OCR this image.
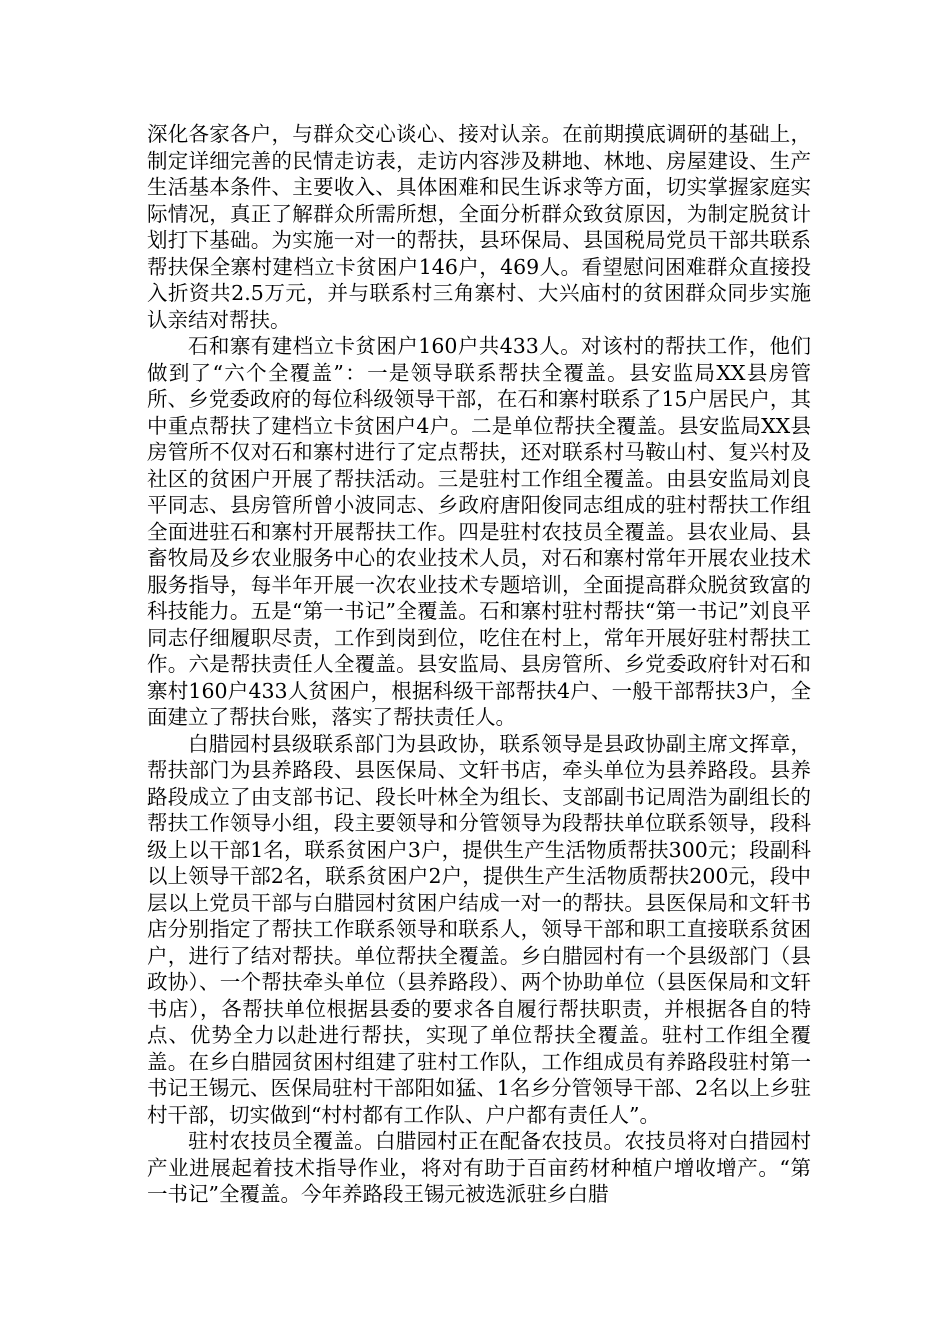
深化各家各户，与群众交心谈心、接对认亲。在前期摸底调研的基础上，制定详细完善的民情走访表，走访内容涉及耕地、林地、房屋建设、生产生活基本条件、主要收入、具体困难和民生诉求等方面，切实掌握家庭实际情况，真正了解群众所需所想，全面分析群众致贫原因，为制定脱贫计划打下基础。为实施一对一的帮扶，县环保局、县国税局党员干部共联系帮扶保全寨村建档立卡贫困户146户，469人。看望慰问困难群众直接投入折资共2.5万元，并与联系村三角寨村、大兴庙村的贫困群众同步实施认亲结对帮扶。

石和寨有建档立卡贫困户160户共433人。对该村的帮扶工作，他们做到了“六个全覆盖”：一是领导联系帮扶全覆盖。县安监局XX县房管所、乡党委政府的每位科级领导干部，在石和寨村联系了15户居民户，其中重点帮扶了建档立卡贫困户4户。二是单位帮扶全覆盖。县安监局XX县房管所不仅对石和寨村进行了定点帮扶，还对联系村马鞍山村、复兴村及社区的贫困户开展了帮扶活动。三是驻村工作组全覆盖。由县安监局刘良平同志、县房管所曾小波同志、乡政府唐阳俊同志组成的驻村帮扶工作组全面进驻石和寨村开展帮扶工作。四是驻村农技员全覆盖。县农业局、县畜牧局及乡农业服务中心的农业技术人员，对石和寨村常年开展农业技术服务指导，每半年开展一次农业技术专题培训，全面提高群众脱贫致富的科技能力。五是“第一书记”全覆盖。石和寨村驻村帮扶“第一书记”刘良平同志仔细履职尽责，工作到岗到位，吃住在村上，常年开展好驻村帮扶工作。六是帮扶责任人全覆盖。县安监局、县房管所、乡党委政府针对石和寨村160户433人贫困户，根据科级干部帮扶4户、一般干部帮扶3户，全面建立了帮扶台账，落实了帮扶责任人。

白腊园村县级联系部门为县政协，联系领导是县政协副主席文挥章，帮扶部门为县养路段、县医保局、文轩书店，牵头单位为县养路段。县养路段成立了由支部书记、段长叶林全为组长、支部副书记周浩为副组长的帮扶工作领导小组，段主要领导和分管领导为段帮扶单位联系领导，段科级上以干部1名，联系贫困户3户，提供生产生活物质帮扶300元；段副科以上领导干部2名，联系贫困户2户，提供生产生活物质帮扶200元，段中层以上党员干部与白腊园村贫困户结成一对一的帮扶。县医保局和文轩书店分别指定了帮扶工作联系领导和联系人，领导干部和职工直接联系贫困户，进行了结对帮扶。单位帮扶全覆盖。乡白腊园村有一个县级部门（县政协）、一个帮扶牵头单位（县养路段）、两个协助单位（县医保局和文轩书店），各帮扶单位根据县委的要求各自履行帮扶职责，并根据各自的特点、优势全力以赴进行帮扶，实现了单位帮扶全覆盖。驻村工作组全覆盖。在乡白腊园贫困村组建了驻村工作队，工作组成员有养路段驻村第一书记王锡元、医保局驻村干部阳如猛、1名乡分管领导干部、2名以上乡驻村干部，切实做到“村村都有工作队、户户都有责任人”。

驻村农技员全覆盖。白腊园村正在配备农技员。农技员将对白措园村产业进展起着技术指导作业，将对有助于百亩药材种植户增收增产。“第一书记”全覆盖。今年养路段王锡元被选派驻乡白腊
